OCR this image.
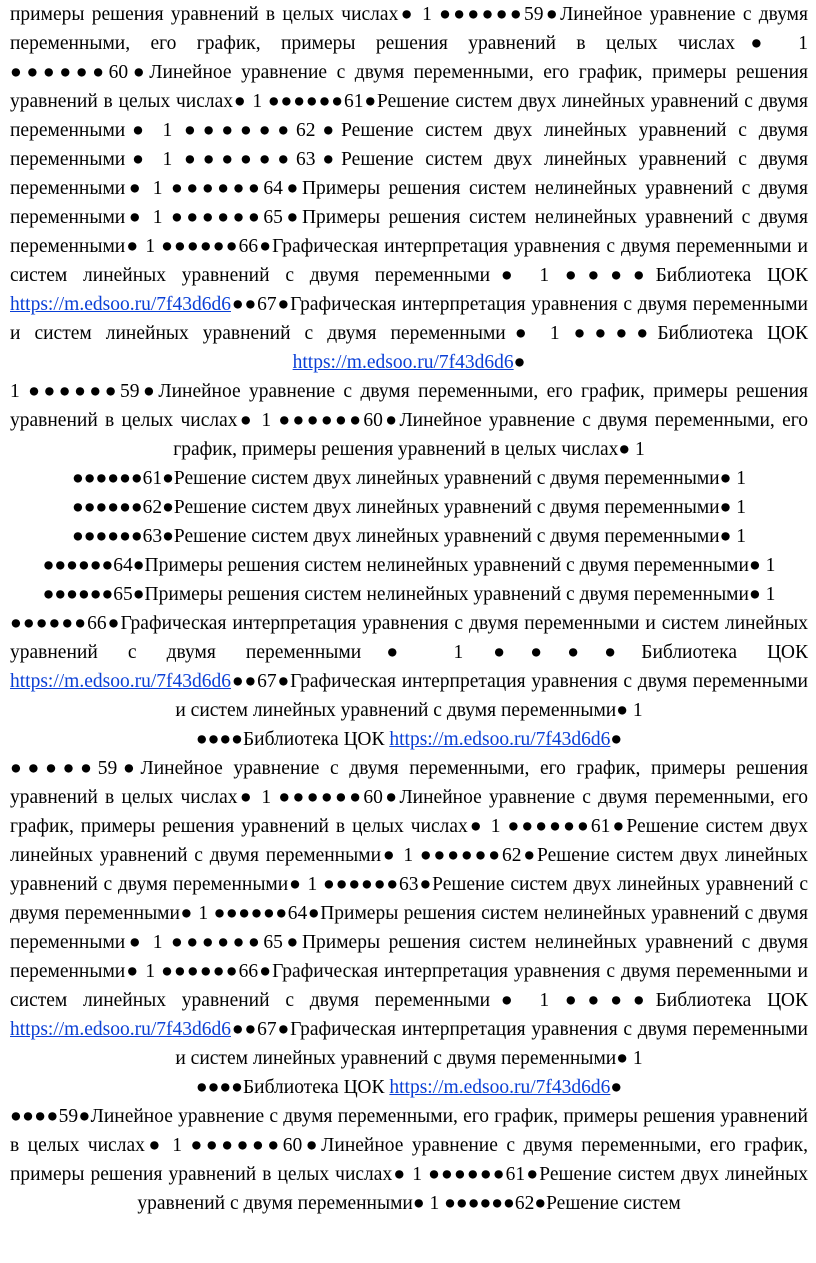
примеры решения уравнений в целых числах● 1 ●●●●●●59●Линейное уравнение с двумя переменными, его график, примеры решения уравнений в целых числах● 1 ●●●●●●60●Линейное уравнение с двумя переменными, его график, примеры решения уравнений в целых числах● 1 ●●●●●●61●Решение систем двух линейных уравнений с двумя переменными● 1 ●●●●●●62●Решение систем двух линейных уравнений с двумя переменными● 1 ●●●●●●63●Решение систем двух линейных уравнений с двумя переменными● 1 ●●●●●●64●Примеры решения систем нелинейных уравнений с двумя переменными● 1 ●●●●●●65●Примеры решения систем нелинейных уравнений с двумя переменными● 1 ●●●●●●66●Графическая интерпретация уравнения с двумя переменными и систем линейных уравнений с двумя переменными● 1 ●●●●Библиотека ЦОК https://m.edsoo.ru/7f43d6d6●●67●Графическая интерпретация уравнения с двумя переменными и систем линейных уравнений с двумя переменными● 1 ●●●●Библиотека ЦОК https://m.edsoo.ru/7f43d6d6●

1 ●●●●●●59●Линейное уравнение с двумя переменными, его график, примеры решения уравнений в целых числах● 1 ●●●●●●60●Линейное уравнение с двумя переменными, его график, примеры решения уравнений в целых числах● 1

●●●●●●61●Решение систем двух линейных уравнений с двумя переменными● 1

●●●●●●62●Решение систем двух линейных уравнений с двумя переменными● 1

●●●●●●63●Решение систем двух линейных уравнений с двумя переменными● 1

●●●●●●64●Примеры решения систем нелинейных уравнений с двумя переменными● 1

●●●●●●65●Примеры решения систем нелинейных уравнений с двумя переменными● 1

●●●●●●66●Графическая интерпретация уравнения с двумя переменными и систем линейных уравнений с двумя переменными● 1 ●●●●Библиотека ЦОК https://m.edsoo.ru/7f43d6d6●●67●Графическая интерпретация уравнения с двумя переменными и систем линейных уравнений с двумя переменными● 1

●●●●Библиотека ЦОК https://m.edsoo.ru/7f43d6d6●

●●●●●59●Линейное уравнение с двумя переменными, его график, примеры решения уравнений в целых числах● 1 ●●●●●●60●Линейное уравнение с двумя переменными, его график, примеры решения уравнений в целых числах● 1 ●●●●●●61●Решение систем двух линейных уравнений с двумя переменными● 1 ●●●●●●62●Решение систем двух линейных уравнений с двумя переменными● 1 ●●●●●●63●Решение систем двух линейных уравнений с двумя переменными● 1 ●●●●●●64●Примеры решения систем нелинейных уравнений с двумя переменными● 1 ●●●●●●65●Примеры решения систем нелинейных уравнений с двумя переменными● 1 ●●●●●●66●Графическая интерпретация уравнения с двумя переменными и систем линейных уравнений с двумя переменными● 1 ●●●●Библиотека ЦОК https://m.edsoo.ru/7f43d6d6●●67●Графическая интерпретация уравнения с двумя переменными и систем линейных уравнений с двумя переменными● 1

●●●●Библиотека ЦОК https://m.edsoo.ru/7f43d6d6●

●●●●59●Линейное уравнение с двумя переменными, его график, примеры решения уравнений в целых числах● 1 ●●●●●●60●Линейное уравнение с двумя переменными, его график, примеры решения уравнений в целых числах● 1 ●●●●●●61●Решение систем двух линейных уравнений с двумя переменными● 1 ●●●●●●62●Решение систем
